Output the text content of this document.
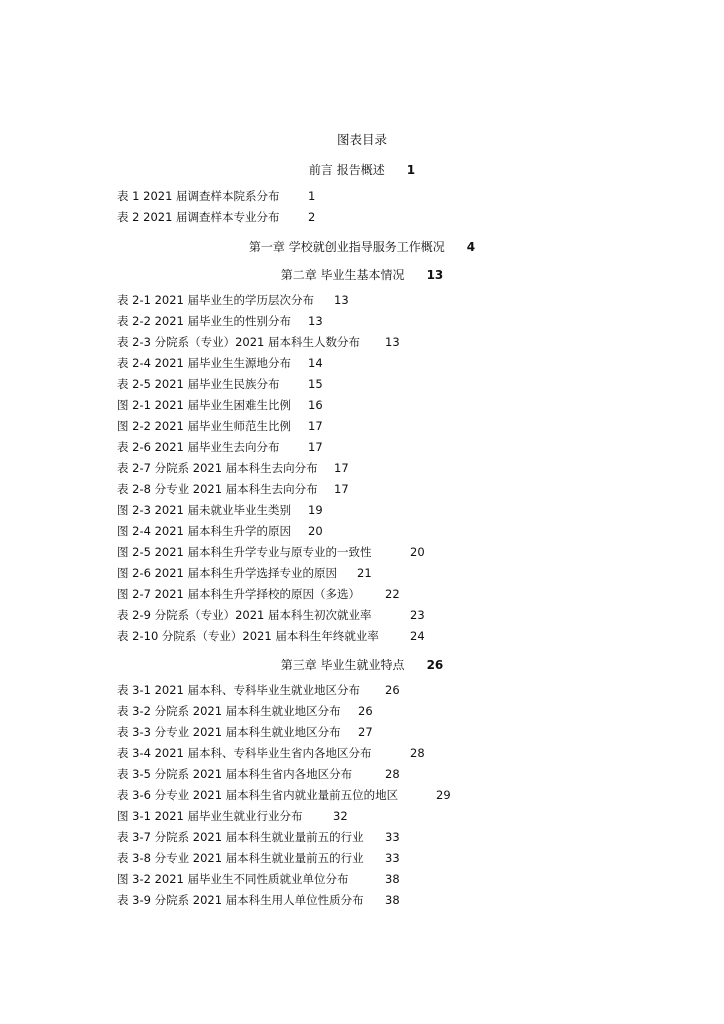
图表目录
前言 报告概述 1
表 1 2021 届调查样本院系分布 1
表 2 2021 届调查样本专业分布 2
第一章 学校就创业指导服务工作概况 4
第二章 毕业生基本情况 13
表 2-1 2021 届毕业生的学历层次分布 13
表 2-2 2021 届毕业生的性别分布 13
表 2-3 分院系（专业）2021 届本科生人数分布 13
表 2-4 2021 届毕业生生源地分布 14
表 2-5 2021 届毕业生民族分布 15
图 2-1 2021 届毕业生困难生比例 16
图 2-2 2021 届毕业生师范生比例 17
表 2-6 2021 届毕业生去向分布 17
表 2-7 分院系 2021 届本科生去向分布 17
表 2-8 分专业 2021 届本科生去向分布 17
图 2-3 2021 届未就业毕业生类别 19
图 2-4 2021 届本科生升学的原因 20
图 2-5 2021 届本科生升学专业与原专业的一致性	20
图 2-6 2021 届本科生升学选择专业的原因 21
图 2-7 2021 届本科生升学择校的原因（多选） 22
表 2-9 分院系（专业）2021 届本科生初次就业率	23
表 2-10 分院系（专业）2021 届本科生年终就业率	24
第三章 毕业生就业特点 26
表 3-1 2021 届本科、专科毕业生就业地区分布 26
表 3-2 分院系 2021 届本科生就业地区分布 26
表 3-3 分专业 2021 届本科生就业地区分布 27
表 3-4 2021 届本科、专科毕业生省内各地区分布	28
表 3-5 分院系 2021 届本科生省内各地区分布	28
表 3-6 分专业 2021 届本科生省内就业量前五位的地区	29
图 3-1 2021 届毕业生就业行业分布	32
表 3-7 分院系 2021 届本科生就业量前五的行业 33
表 3-8 分专业 2021 届本科生就业量前五的行业 33
图 3-2 2021 届毕业生不同性质就业单位分布	38
表 3-9 分院系 2021 届本科生用人单位性质分布 38
